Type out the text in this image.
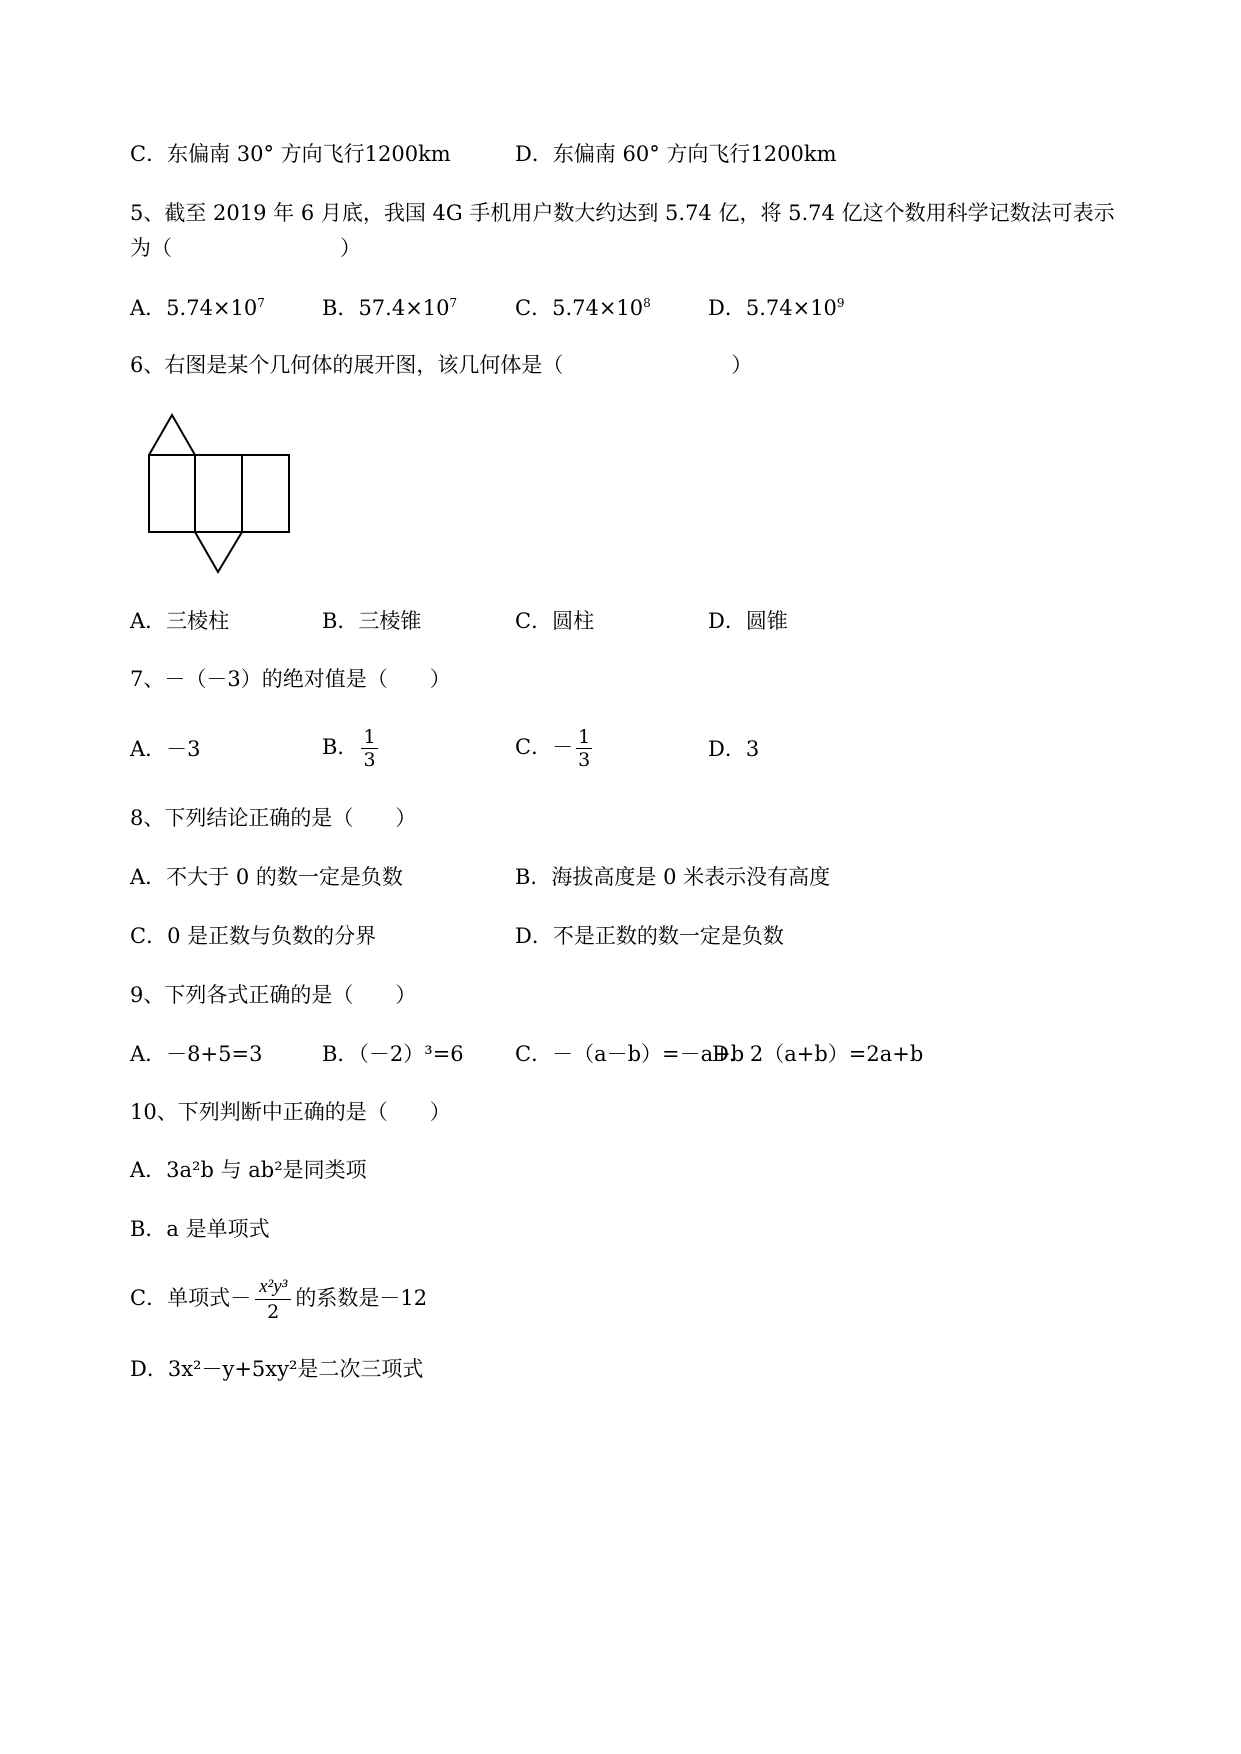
C．东偏南 30° 方向飞行1200km	D．东偏南 60° 方向飞行1200km
5、截至 2019 年 6 月底，我国 4G 手机用户数大约达到 5.74 亿，将 5.74 亿这个数用科学记数法可表示
为（　　　　　　　　）
A．$5.74\times 10^7$	B．$57.4\times 10^7$	C．$5.74\times 10^8$	D．$5.74\times 10^9$
6、右图是某个几何体的展开图，该几何体是（　　　　　　　　）
A．三棱柱	B．三棱锥	C．圆柱	D．圆锥
7、－（－3）的绝对值是（　　）
A．－3	B． $\frac{1}{3}$	C．－ $\frac{1}{3}$	D．3
8、下列结论正确的是（　　）
A．不大于 0 的数一定是负数	B．海拔高度是 0 米表示没有高度
C．0 是正数与负数的分界	D．不是正数的数一定是负数
9、下列各式正确的是（　　）
A．－8+5=3	B．（－2）³=6 C．－（a－b）=－a+b
D．2（a+b）=2a+b
10、下列判断中正确的是（　　）
A．3a²b 与 ab²是同类项
B．a 是单项式
C．单项式－ $\frac{\text{x²y³}}{2}$ 的系数是－12
D．3x²－y+5xy²是二次三项式
